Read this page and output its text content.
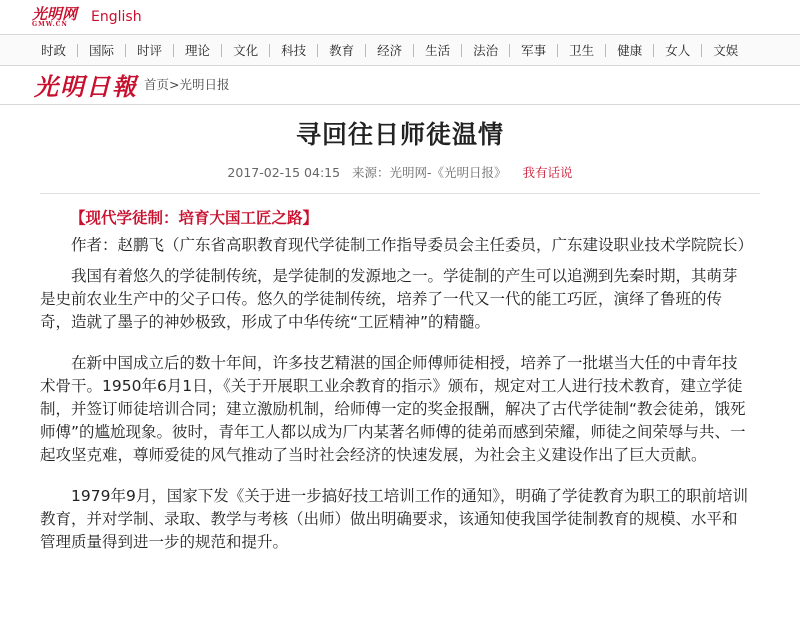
光明网
GMW.CN	English
时政	国际	时评	理论	文化	科技	教育	经济	生活	法治	军事	卫生	健康	女人	文娱
光明日報 首页>光明日报
寻回往日师徒温情
2017-02-15 04:15 来源：光明网-《光明日报》 我有话说
【现代学徒制：培育大国工匠之路】

作者：赵鹏飞（广东省高职教育现代学徒制工作指导委员会主任委员，广东建设职业技术学院院长）

我国有着悠久的学徒制传统，是学徒制的发源地之一。学徒制的产生可以追溯到先秦时期，其萌芽是史前农业生产中的父子口传。悠久的学徒制传统，培养了一代又一代的能工巧匠，演绎了鲁班的传奇，造就了墨子的神妙极致，形成了中华传统“工匠精神”的精髓。

在新中国成立后的数十年间，许多技艺精湛的国企师傅师徒相授，培养了一批堪当大任的中青年技术骨干。1950年6月1日，《关于开展职工业余教育的指示》颁布，规定对工人进行技术教育，建立学徒制，并签订师徒培训合同；建立激励机制，给师傅一定的奖金报酬，解决了古代学徒制“教会徒弟，饿死师傅”的尴尬现象。彼时，青年工人都以成为厂内某著名师傅的徒弟而感到荣耀，师徒之间荣辱与共、一起攻坚克难，尊师爱徒的风气推动了当时社会经济的快速发展，为社会主义建设作出了巨大贡献。

1979年9月，国家下发《关于进一步搞好技工培训工作的通知》，明确了学徒教育为职工的职前培训教育，并对学制、录取、教学与考核（出师）做出明确要求，该通知使我国学徒制教育的规模、水平和管理质量得到进一步的规范和提升。
